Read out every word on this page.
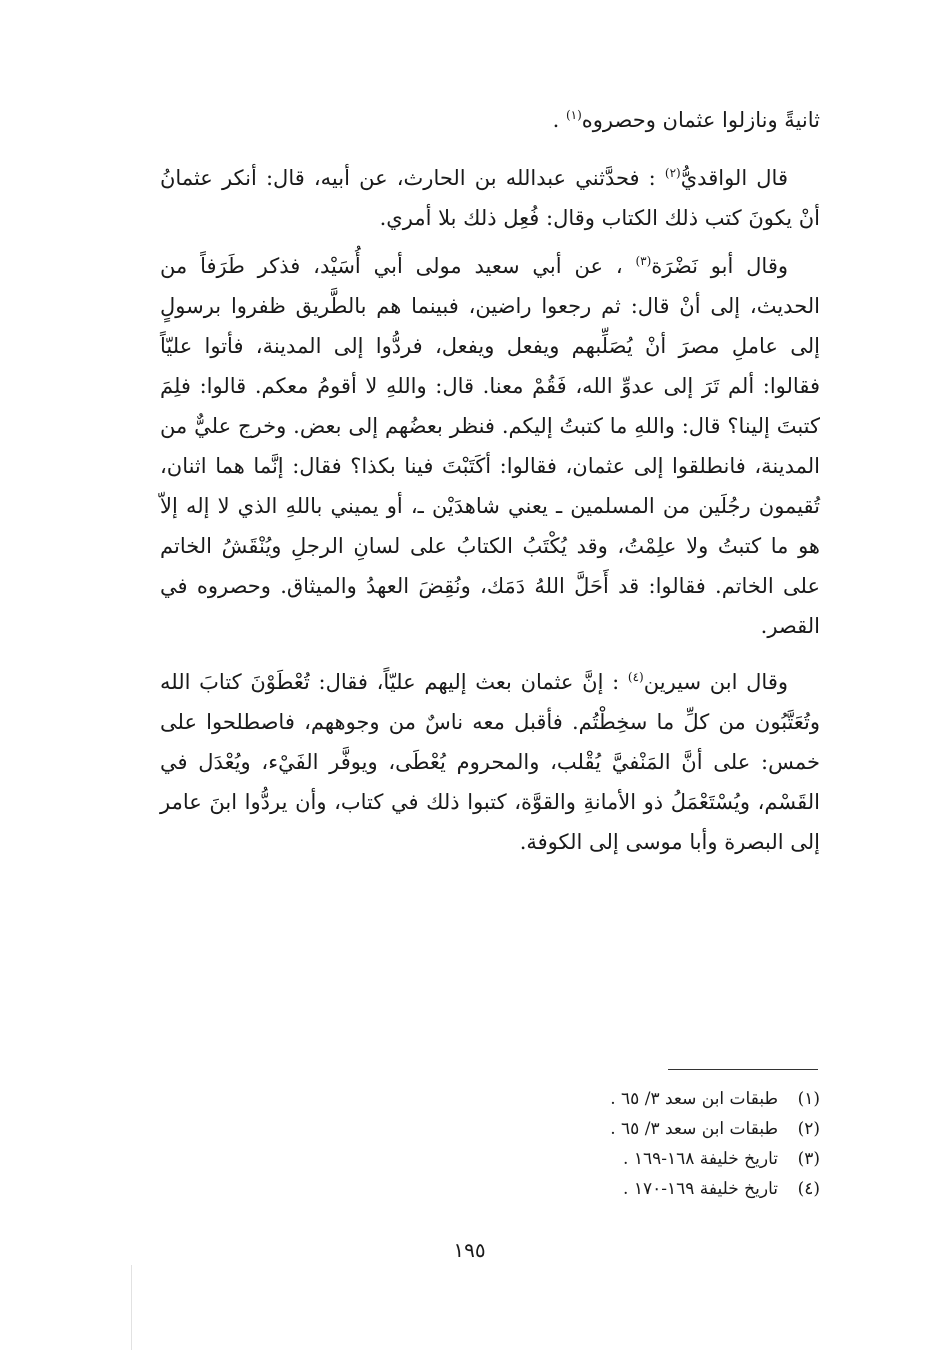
ثانيةً ونازلوا عثمان وحصروه$^{(١)}$ .

قال الواقديُّ$^{(٢)}$ : فحدَّثني عبدالله بن الحارث، عن أبيه، قال: أنكر عثمانُ أنْ يكونَ كتب ذلك الكتاب وقال: فُعِل ذلك بلا أمري.

وقال أبو نَضْرَة$^{(٣)}$ ، عن أبي سعيد مولى أبي أُسَيْد، فذكر طَرَفاً من الحديث، إلى أنْ قال: ثم رجعوا راضين، فبينما هم بالطَّريق ظفروا برسولٍ إلى عاملِ مصرَ أنْ يُصَلِّبهم ويفعل ويفعل، فردُّوا إلى المدينة، فأتوا عليّاً فقالوا: ألم تَرَ إلى عدوِّ الله، فَقُمْ معنا. قال: واللهِ لا أقومُ معكم. قالوا: فلِمَ كتبتَ إلينا؟ قال: واللهِ ما كتبتُ إليكم. فنظر بعضُهم إلى بعض. وخرج عليٌّ من المدينة، فانطلقوا إلى عثمان، فقالوا: أكَتَبْتَ فينا بكذا؟ فقال: إنَّما هما اثنان، تُقيمون رجُلَين من المسلمين ـ يعني شاهدَيْن ـ، أو يميني باللهِ الذي لا إله إلاّ هو ما كتبتُ ولا علِمْتُ، وقد يُكْتَبُ الكتابُ على لسانِ الرجلِ ويُنْقَشُ الخاتم على الخاتم. فقالوا: قد أَحَلَّ اللهُ دَمَك، ونُقِضَ العهدُ والميثاق. وحصروه في القصر.

وقال ابن سيرين$^{(٤)}$ : إنَّ عثمان بعث إليهم عليّاً، فقال: تُعْطَوْنَ كتابَ الله وتُعَتَّبُون من كلِّ ما سخِطْتُم. فأقبل معه ناسٌ من وجوههم، فاصطلحوا على خمس: على أنَّ المَنْفيَّ يُقْلب، والمحروم يُعْطَى، ويوفَّر الفَيْء، ويُعْدَل في القَسْم، ويُسْتَعْمَلُ ذو الأمانةِ والقوَّة، كتبوا ذلك في كتاب، وأن يردُّوا ابنَ عامر إلى البصرة وأبا موسى إلى الكوفة.

(١)طبقات ابن سعد ٣/ ٦٥ .
(٢)طبقات ابن سعد ٣/ ٦٥ .
(٣)تاريخ خليفة ١٦٨-١٦٩ .
(٤)تاريخ خليفة ١٦٩-١٧٠ .
١٩٥
